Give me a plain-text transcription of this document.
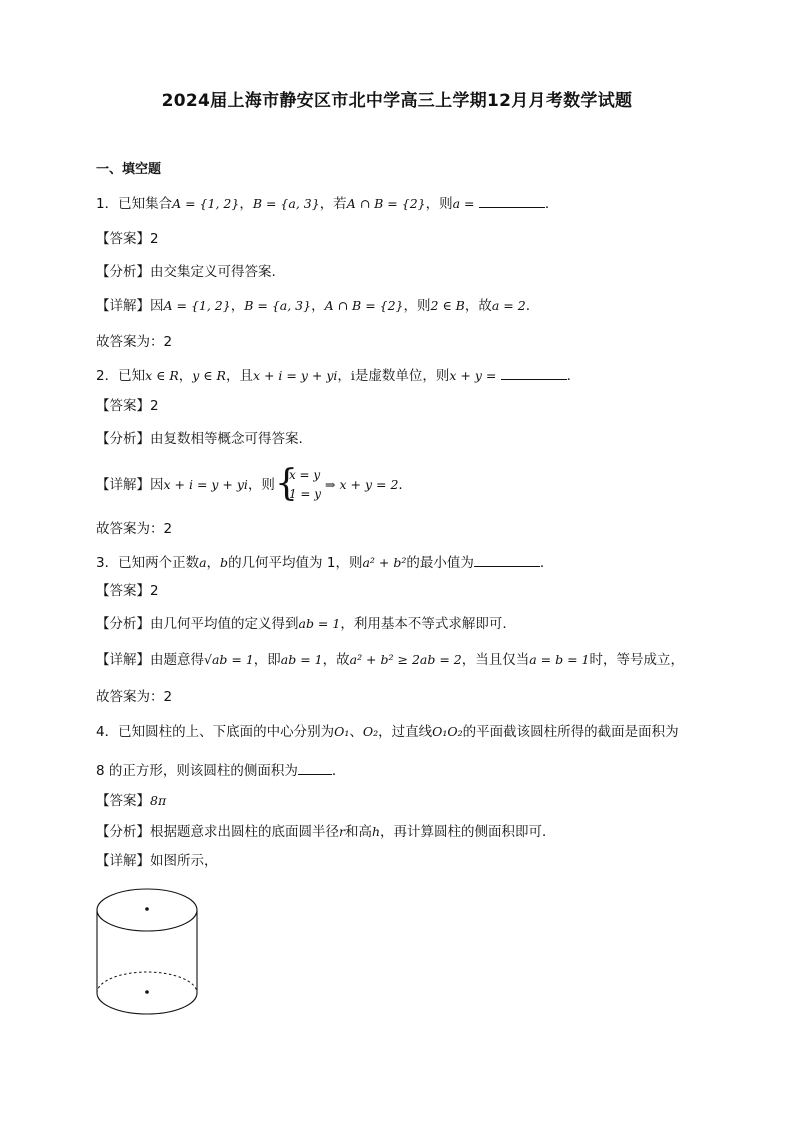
2024届上海市静安区市北中学高三上学期12月月考数学试题
一、填空题
1．已知集合A = {1, 2}，B = {a, 3}，若A ∩ B = {2}，则a =	．
【答案】2
【分析】由交集定义可得答案.
【详解】因A = {1, 2}，B = {a, 3}，A ∩ B = {2}，则2 ∈ B，故a = 2.
故答案为：2
2．已知x ∈ R，y ∈ R，且x + i = y + yi，i是虚数单位，则x + y =	．
【答案】2
【分析】由复数相等概念可得答案.
【详解】因x + i = y + yi，则 {
x = y
1 = y
⇒ x + y = 2.
故答案为：2
3．已知两个正数a，b的几何平均值为 1，则a² + b²的最小值为	．
【答案】2
【分析】由几何平均值的定义得到ab = 1，利用基本不等式求解即可.
【详解】由题意得√ab = 1，即ab = 1，故a² + b² ≥ 2ab = 2，当且仅当a = b = 1时，等号成立，
故答案为：2
4．已知圆柱的上、下底面的中心分别为O₁、O₂，过直线O₁O₂的平面截该圆柱所得的截面是面积为
8 的正方形，则该圆柱的侧面积为	．
【答案】8π
【分析】根据题意求出圆柱的底面圆半径r和高h，再计算圆柱的侧面积即可．
【详解】如图所示，
